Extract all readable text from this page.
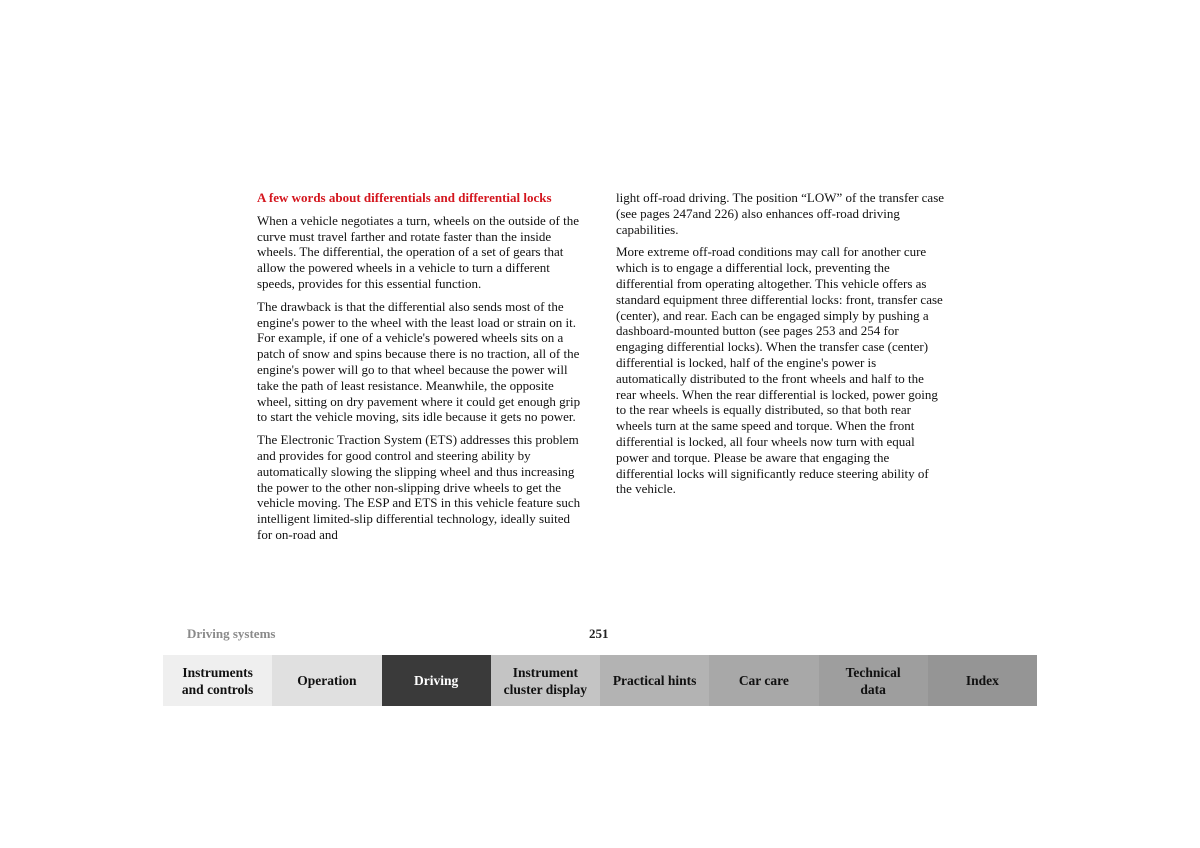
A few words about differentials and differential locks

When a vehicle negotiates a turn, wheels on the outside of the curve must travel farther and rotate faster than the inside wheels. The differential, the operation of a set of gears that allow the powered wheels in a vehicle to turn a different speeds, provides for this essential function.

The drawback is that the differential also sends most of the engine's power to the wheel with the least load or strain on it. For example, if one of a vehicle's powered wheels sits on a patch of snow and spins because there is no traction, all of the engine's power will go to that wheel because the power will take the path of least resistance. Meanwhile, the opposite wheel, sitting on dry pavement where it could get enough grip to start the vehicle moving, sits idle because it gets no power.

The Electronic Traction System (ETS) addresses this problem and provides for good control and steering ability by automatically slowing the slipping wheel and thus increasing the power to the other non-slipping drive wheels to get the vehicle moving. The ESP and ETS in this vehicle feature such intelligent limited-slip differential technology, ideally suited for on-road and

light off-road driving. The position “LOW” of the transfer case (see pages 247and 226) also enhances off-road driving capabilities.

More extreme off-road conditions may call for another cure which is to engage a differential lock, preventing the differential from operating altogether. This vehicle offers as standard equipment three differential locks: front, transfer case (center), and rear. Each can be engaged simply by pushing a dashboard-mounted button (see pages 253 and 254 for engaging differential locks). When the transfer case (center) differential is locked, half of the engine's power is automatically distributed to the front wheels and half to the rear wheels. When the rear differential is locked, power going to the rear wheels is equally distributed, so that both rear wheels turn at the same speed and torque. When the front differential is locked, all four wheels now turn with equal power and torque. Please be aware that engaging the differential locks will significantly reduce steering ability of the vehicle.

Driving systems	251
Instruments
and controls
Operation	Driving
Instrument
cluster display
Practical hints	Car care
Technical
data
Index
